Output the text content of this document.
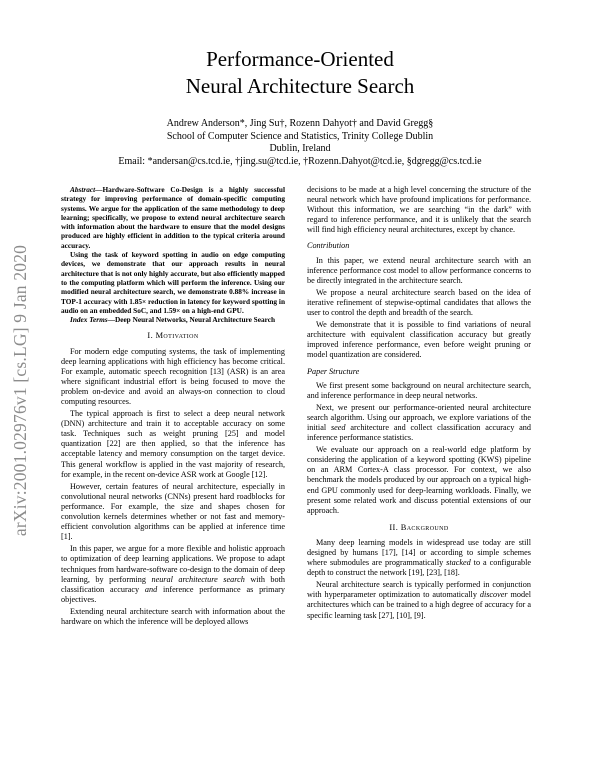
arXiv:2001.02976v1 [cs.LG] 9 Jan 2020
Performance-Oriented
Neural Architecture Search
Andrew Anderson*, Jing Su†, Rozenn Dahyot† and David Gregg§
School of Computer Science and Statistics, Trinity College Dublin
Dublin, Ireland
Email: *andersan@cs.tcd.ie, †jing.su@tcd.ie, †Rozenn.Dahyot@tcd.ie, §dgregg@cs.tcd.ie

Abstract—Hardware-Software Co-Design is a highly successful strategy for improving performance of domain-specific computing systems. We argue for the application of the same methodology to deep learning; specifically, we propose to extend neural architecture search with information about the hardware to ensure that the model designs produced are highly efficient in addition to the typical criteria around accuracy.

Using the task of keyword spotting in audio on edge computing devices, we demonstrate that our approach results in neural architecture that is not only highly accurate, but also efficiently mapped to the computing platform which will perform the inference. Using our modified neural architecture search, we demonstrate 0.88% increase in TOP-1 accuracy with 1.85× reduction in latency for keyword spotting in audio on an embedded SoC, and 1.59× on a high-end GPU.

Index Terms—Deep Neural Networks, Neural Architecture Search

I. Motivation

For modern edge computing systems, the task of implementing deep learning applications with high efficiency has become critical. For example, automatic speech recognition [13] (ASR) is an area where significant industrial effort is being focused to move the problem on-device and avoid an always-on connection to cloud computing resources.

The typical approach is first to select a deep neural network (DNN) architecture and train it to acceptable accuracy on some task. Techniques such as weight pruning [25] and model quantization [22] are then applied, so that the inference has acceptable latency and memory consumption on the target device. This general workflow is applied in the vast majority of research, for example, in the recent on-device ASR work at Google [12].

However, certain features of neural architecture, especially in convolutional neural networks (CNNs) present hard roadblocks for performance. For example, the size and shapes chosen for convolution kernels determines whether or not fast and memory-efficient convolution algorithms can be applied at inference time [1].

In this paper, we argue for a more flexible and holistic approach to optimization of deep learning applications. We propose to adapt techniques from hardware-software co-design to the domain of deep learning, by performing neural architecture search with both classification accuracy and inference performance as primary objectives.

Extending neural architecture search with information about the hardware on which the inference will be deployed allows

decisions to be made at a high level concerning the structure of the neural network which have profound implications for performance. Without this information, we are searching “in the dark” with regard to inference performance, and it is unlikely that the search will find high efficiency neural architectures, except by chance.

Contribution

In this paper, we extend neural architecture search with an inference performance cost model to allow performance concerns to be directly integrated in the architecture search.

We propose a neural architecture search based on the idea of iterative refinement of stepwise-optimal candidates that allows the user to control the depth and breadth of the search.

We demonstrate that it is possible to find variations of neural architecture with equivalent classification accuracy but greatly improved inference performance, even before weight pruning or model quantization are considered.

Paper Structure

We first present some background on neural architecture search, and inference performance in deep neural networks.

Next, we present our performance-oriented neural architecture search algorithm. Using our approach, we explore variations of the initial seed architecture and collect classification accuracy and inference performance statistics.

We evaluate our approach on a real-world edge platform by considering the application of a keyword spotting (KWS) pipeline on an ARM Cortex-A class processor. For context, we also benchmark the models produced by our approach on a typical high-end GPU commonly used for deep-learning workloads. Finally, we present some related work and discuss potential extensions of our approach.

II. Background

Many deep learning models in widespread use today are still designed by humans [17], [14] or according to simple schemes where submodules are programmatically stacked to a configurable depth to construct the network [19], [23], [18].

Neural architecture search is typically performed in conjunction with hyperparameter optimization to automatically discover model architectures which can be trained to a high degree of accuracy for a specific learning task [27], [10], [9].
